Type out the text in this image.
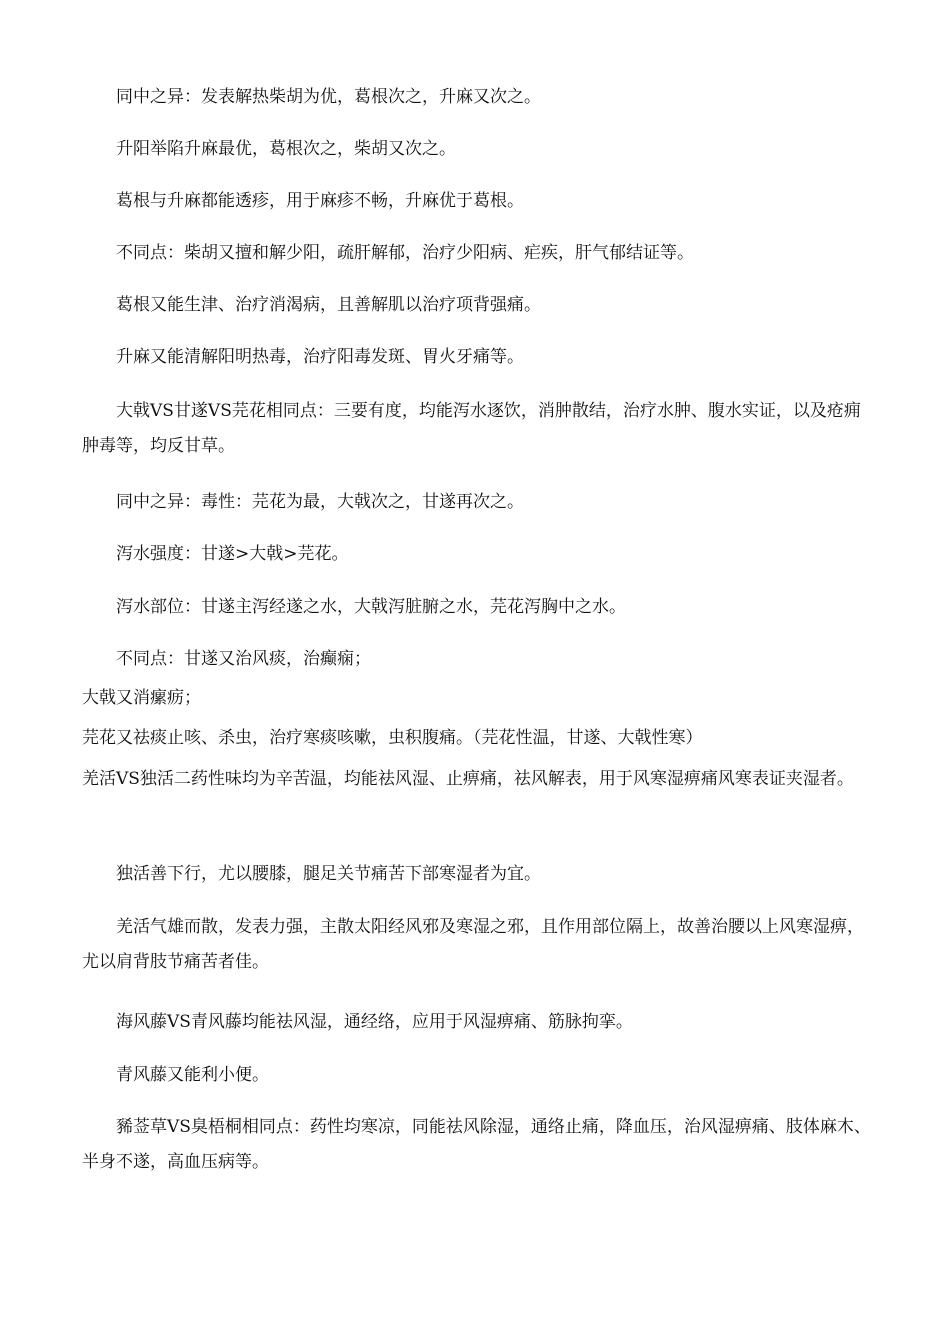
同中之异：发表解热柴胡为优，葛根次之，升麻又次之。

升阳举陷升麻最优，葛根次之，柴胡又次之。

葛根与升麻都能透疹，用于麻疹不畅，升麻优于葛根。

不同点：柴胡又擅和解少阳，疏肝解郁，治疗少阳病、疟疾，肝气郁结证等。

葛根又能生津、治疗消渴病，且善解肌以治疗项背强痛。

升麻又能清解阳明热毒，治疗阳毒发斑、胃火牙痛等。

大戟VS甘遂VS芫花相同点：三要有度，均能泻水逐饮，消肿散结，治疗水肿、腹水实证，以及疮痈肿毒等，均反甘草。

同中之异：毒性：芫花为最，大戟次之，甘遂再次之。

泻水强度：甘遂>大戟>芫花。

泻水部位：甘遂主泻经遂之水，大戟泻脏腑之水，芫花泻胸中之水。

不同点：甘遂又治风痰，治癫痫；

大戟又消瘰疬；

芫花又祛痰止咳、杀虫，治疗寒痰咳嗽，虫积腹痛。（芫花性温，甘遂、大戟性寒）

羌活VS独活二药性味均为辛苦温，均能祛风湿、止痹痛，祛风解表，用于风寒湿痹痛风寒表证夹湿者。

独活善下行，尤以腰膝，腿足关节痛苦下部寒湿者为宜。

羌活气雄而散，发表力强，主散太阳经风邪及寒湿之邪，且作用部位隔上，故善治腰以上风寒湿痹，尤以肩背肢节痛苦者佳。

海风藤VS青风藤均能祛风湿，通经络，应用于风湿痹痛、筋脉拘挛。

青风藤又能利小便。

豨莶草VS臭梧桐相同点：药性均寒凉，同能祛风除湿，通络止痛，降血压，治风湿痹痛、肢体麻木、半身不遂，高血压病等。
